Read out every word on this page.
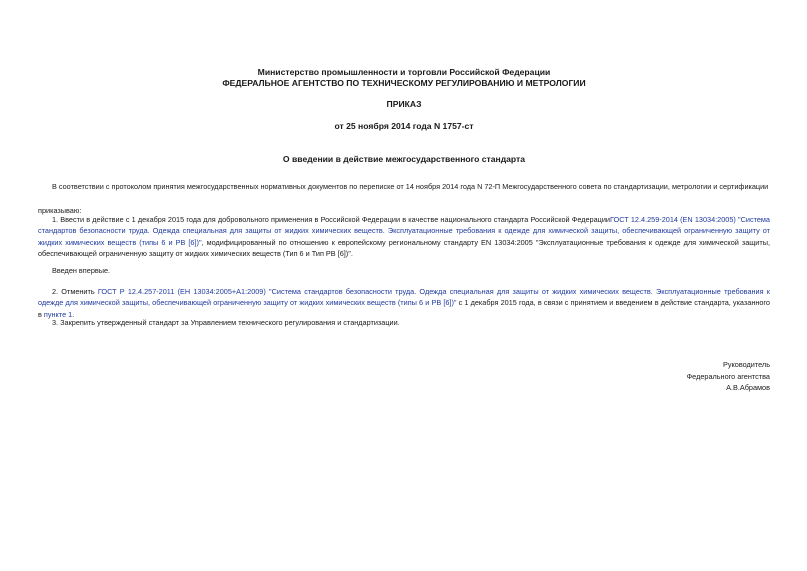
Министерство промышленности и торговли Российской Федерации
ФЕДЕРАЛЬНОЕ АГЕНТСТВО ПО ТЕХНИЧЕСКОМУ РЕГУЛИРОВАНИЮ И МЕТРОЛОГИИ
ПРИКАЗ
от 25 ноября 2014 года N 1757-ст
О введении в действие межгосударственного стандарта
В соответствии с протоколом принятия межгосударственных нормативных документов по переписке от 14 ноября 2014 года N 72-П Межгосударственного совета по стандартизации, метрологии и сертификации
приказываю:
1. Ввести в действие с 1 декабря 2015 года для добровольного применения в Российской Федерации в качестве национального стандарта Российской ФедерацииГОСТ 12.4.259-2014 (EN 13034:2005) "Система стандартов безопасности труда. Одежда специальная для защиты от жидких химических веществ. Эксплуатационные требования к одежде для химической защиты, обеспечивающей ограниченную защиту от жидких химических веществ (типы 6 и PB [6])", модифицированный по отношению к европейскому региональному стандарту EN 13034:2005 "Эксплуатационные требования к одежде для химической защиты, обеспечивающей ограниченную защиту от жидких химических веществ (Тип 6 и Тип PB [6])".
Введен впервые.
2. Отменить ГОСТ Р 12.4.257-2011 (ЕН 13034:2005+А1:2009) "Система стандартов безопасности труда. Одежда специальная для защиты от жидких химических веществ. Эксплуатационные требования к одежде для химической защиты, обеспечивающей ограниченную защиту от жидких химических веществ (типы 6 и PB [6])" с 1 декабря 2015 года, в связи с принятием и введением в действие стандарта, указанного в пункте 1.
3. Закрепить утвержденный стандарт за Управлением технического регулирования и стандартизации.
Руководитель
Федерального агентства
А.В.Абрамов
